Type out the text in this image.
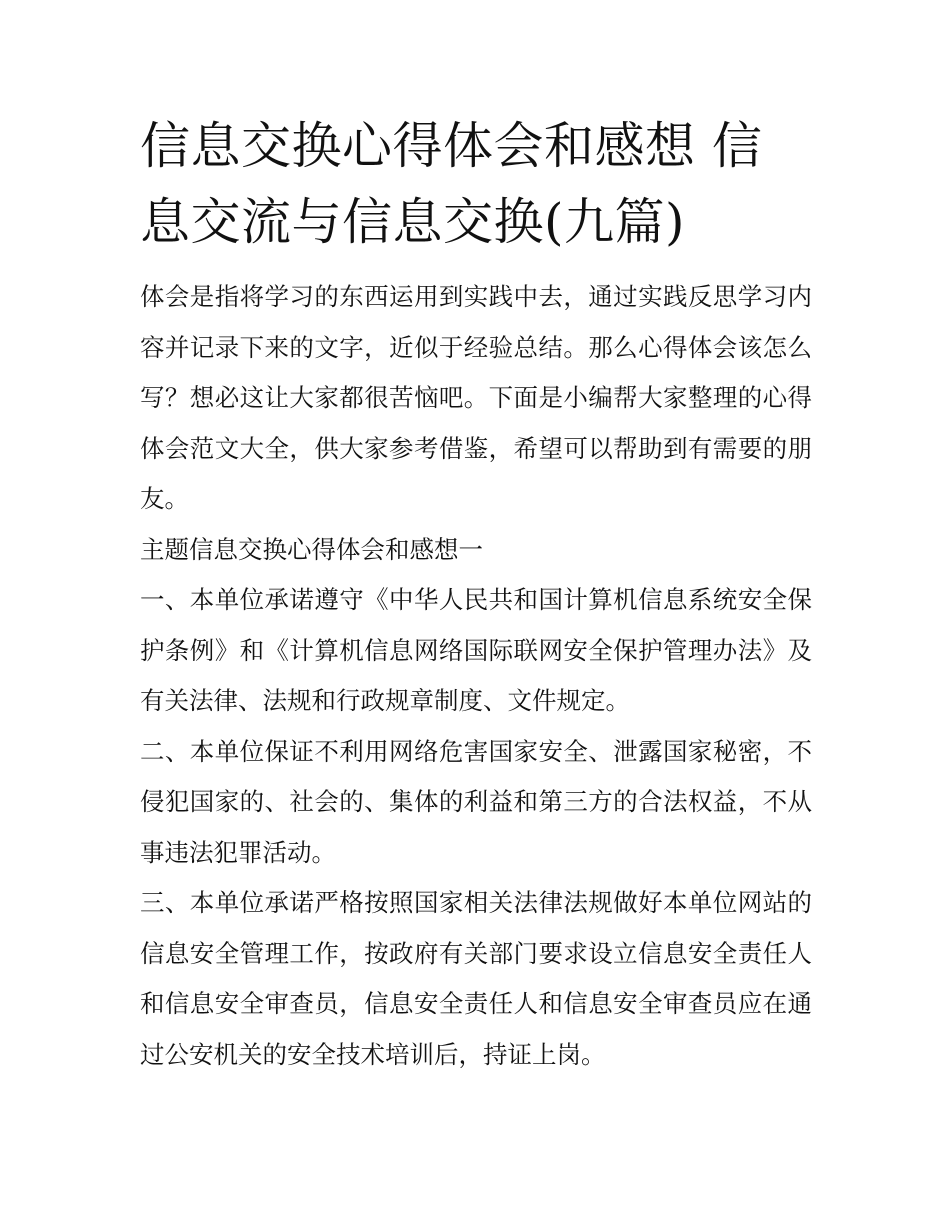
信息交换心得体会和感想 信息交流与信息交换(九篇)

体会是指将学习的东西运用到实践中去，通过实践反思学习内容并记录下来的文字，近似于经验总结。那么心得体会该怎么写？想必这让大家都很苦恼吧。下面是小编帮大家整理的心得体会范文大全，供大家参考借鉴，希望可以帮助到有需要的朋友。

主题信息交换心得体会和感想一

一、本单位承诺遵守《中华人民共和国计算机信息系统安全保护条例》和《计算机信息网络国际联网安全保护管理办法》及有关法律、法规和行政规章制度、文件规定。

二、本单位保证不利用网络危害国家安全、泄露国家秘密，不侵犯国家的、社会的、集体的利益和第三方的合法权益，不从事违法犯罪活动。

三、本单位承诺严格按照国家相关法律法规做好本单位网站的信息安全管理工作，按政府有关部门要求设立信息安全责任人和信息安全审查员，信息安全责任人和信息安全审查员应在通过公安机关的安全技术培训后，持证上岗。
